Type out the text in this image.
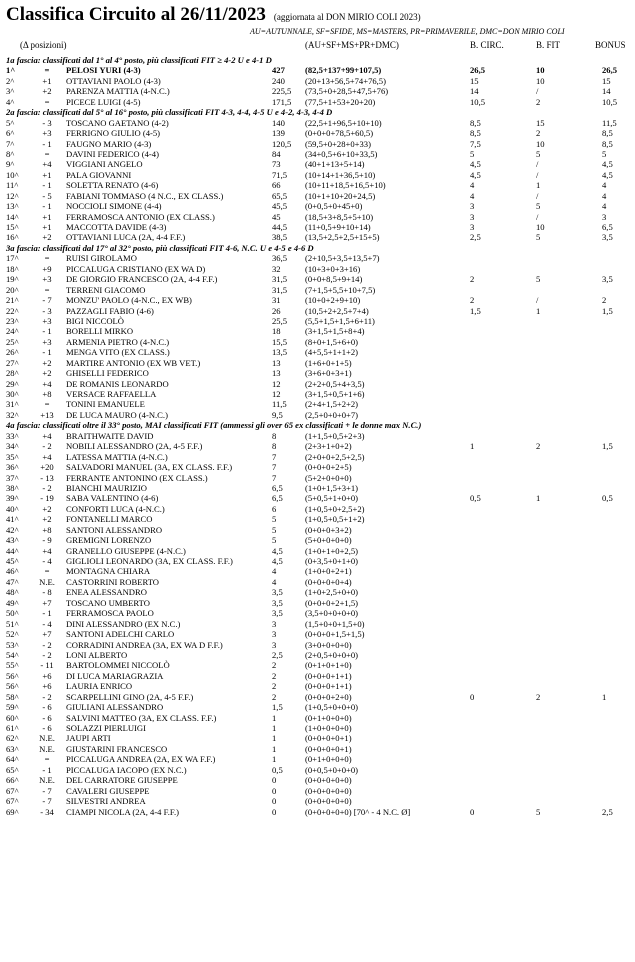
Classifica Circuito al 26/11/2023 (aggiornata al DON MIRIO COLI 2023)
AU=AUTUNNALE, SF=SFIDE, MS=MASTERS, PR=PRIMAVERILE, DMC=DON MIRIO COLI
(Δ posizioni)	(AU+SF+MS+PR+DMC)	B. CIRC.	B. FIT	BONUS
1a fascia: classificati dal 1° al 4° posto, più classificati FIT ≥ 4-2 U e 4-1 D
1^	=	PELOSI YURI (4-3)	427	(82,5+137+99+107,5)	26,5	10	26,5
2^	+1	OTTAVIANI PAOLO (4-3)	240	(20+13+56,5+74+76,5)	15	10	15
3^	+2	PARENZA MATTIA (4-N.C.)	225,5	(73,5+0+28,5+47,5+76)	14	/	14
4^	=	PICECE LUIGI (4-5)	171,5	(77,5+1+53+20+20)	10,5	2	10,5
2a fascia: classificati dal 5° al 16° posto, più classificati FIT 4-3, 4-4, 4-5 U e 4-2, 4-3, 4-4 D
5^	- 3	TOSCANO GAETANO (4-2)	140	(22,5+1+96,5+10+10)	8,5	15	11,5
6^	+3	FERRIGNO GIULIO (4-5)	139	(0+0+0+78,5+60,5)	8,5	2	8,5
7^	- 1	FAUGNO MARIO (4-3)	120,5	(59,5+0+28+0+33)	7,5	10	8,5
8^	=	DAVINI FEDERICO (4-4)	84	(34+0,5+6+10+33,5)	5	5	5
9^	+4	VIGGIANI ANGELO	73	(40+1+13+5+14)	4,5	/	4,5
10^	+1	PALA GIOVANNI	71,5	(10+14+1+36,5+10)	4,5	/	4,5
11^	- 1	SOLETTA RENATO (4-6)	66	(10+11+18,5+16,5+10)	4	1	4
12^	- 5	FABIANI TOMMASO (4 N.C., EX CLASS.)	65,5	(10+1+10+20+24,5)	4	/	4
13^	- 1	NOCCIOLI SIMONE (4-4)	45,5	(0+0,5+0+45+0)	3	5	4
14^	+1	FERRAMOSCA ANTONIO (EX CLASS.)	45	(18,5+3+8,5+5+10)	3	/	3
15^	+1	MACCOTTA DAVIDE (4-3)	44,5	(11+0,5+9+10+14)	3	10	6,5
16^	+2	OTTAVIANI LUCA (2A, 4-4 F.F.)	38,5	(13,5+2,5+2,5+15+5)	2,5	5	3,5
3a fascia: classificati dal 17° al 32° posto, più classificati FIT 4-6, N.C. U e 4-5 e 4-6 D
17^	=	RUISI GIROLAMO	36,5	(2+10,5+3,5+13,5+7)
18^	+9	PICCALUGA CRISTIANO (EX WA D)	32	(10+3+0+3+16)
19^	+3	DE GIORGIO FRANCESCO (2A, 4-4 F.F.)	31,5	(0+0+8,5+9+14)	2	5	3,5
20^	=	TERRENI GIACOMO	31,5	(7+1,5+5,5+10+7,5)
21^	- 7	MONZU' PAOLO (4-N.C., EX WB)	31	(10+0+2+9+10)	2	/	2
22^	- 3	PAZZAGLI FABIO (4-6)	26	(10,5+2+2,5+7+4)	1,5	1	1,5
23^	+3	BIGI NICCOLÒ	25,5	(5,5+1,5+1,5+6+11)
24^	- 1	BORELLI MIRKO	18	(3+1,5+1,5+8+4)
25^	+3	ARMENIA PIETRO (4-N.C.)	15,5	(8+0+1,5+6+0)
26^	- 1	MENGA VITO (EX CLASS.)	13,5	(4+5,5+1+1+2)
27^	+2	MARTIRE ANTONIO (EX WB VET.)	13	(1+6+0+1+5)
28^	+2	GHISELLI FEDERICO	13	(3+6+0+3+1)
29^	+4	DE ROMANIS LEONARDO	12	(2+2+0,5+4+3,5)
30^	+8	VERSACE RAFFAELLA	12	(3+1,5+0,5+1+6)
31^	=	TONINI EMANUELE	11,5	(2+4+1,5+2+2)
32^	+13	DE LUCA MAURO (4-N.C.)	9,5	(2,5+0+0+0+7)
4a fascia: classificati oltre il 33° posto, MAI classificati FIT (ammessi gli over 65 ex classificati + le donne max N.C.)
33^	+4	BRAITHWAITE DAVID	8	(1+1,5+0,5+2+3)
34^	- 2	NOBILI ALESSANDRO (2A, 4-5 F.F.)	8	(2+3+1+0+2)	1	2	1,5
35^	+4	LATESSA MATTIA (4-N.C.)	7	(2+0+0+2,5+2,5)
36^	+20	SALVADORI MANUEL (3A, EX CLASS. F.F.)	7	(0+0+0+2+5)
37^	- 13	FERRANTE ANTONINO (EX CLASS.)	7	(5+2+0+0+0)
38^	- 2	BIANCHI MAURIZIO	6,5	(1+0+1,5+3+1)
39^	- 19	SABA VALENTINO (4-6)	6,5	(5+0,5+1+0+0)	0,5	1	0,5
40^	+2	CONFORTI LUCA (4-N.C.)	6	(1+0,5+0+2,5+2)
41^	+2	FONTANELLI MARCO	5	(1+0,5+0,5+1+2)
42^	+8	SANTONI ALESSANDRO	5	(0+0+0+3+2)
43^	- 9	GREMIGNI LORENZO	5	(5+0+0+0+0)
44^	+4	GRANELLO GIUSEPPE (4-N.C.)	4,5	(1+0+1+0+2,5)
45^	- 4	GIGLIOLI LEONARDO (3A, EX CLASS. F.F.)	4,5	(0+3,5+0+1+0)
46^	=	MONTAGNA CHIARA	4	(1+0+0+2+1)
47^	N.E.	CASTORRINI ROBERTO	4	(0+0+0+0+4)
48^	- 8	ENEA ALESSANDRO	3,5	(1+0+2,5+0+0)
49^	+7	TOSCANO UMBERTO	3,5	(0+0+0+2+1,5)
50^	- 1	FERRAMOSCA PAOLO	3,5	(3,5+0+0+0+0)
51^	- 4	DINI ALESSANDRO (EX N.C.)	3	(1,5+0+0+1,5+0)
52^	+7	SANTONI ADELCHI CARLO	3	(0+0+0+1,5+1,5)
53^	- 2	CORRADINI ANDREA (3A, EX WA D F.F.)	3	(3+0+0+0+0)
54^	- 2	LONI ALBERTO	2,5	(2+0,5+0+0+0)
55^	- 11	BARTOLOMMEI NICCOLÒ	2	(0+1+0+1+0)
56^	+6	DI LUCA MARIAGRAZIA	2	(0+0+0+1+1)
56^	+6	LAURIA ENRICO	2	(0+0+0+1+1)
58^	- 2	SCARPELLINI GINO (2A, 4-5 F.F.)	2	(0+0+0+2+0)	0	2	1
59^	- 6	GIULIANI ALESSANDRO	1,5	(1+0,5+0+0+0)
60^	- 6	SALVINI MATTEO (3A, EX CLASS. F.F.)	1	(0+1+0+0+0)
61^	- 6	SOLAZZI PIERLUIGI	1	(1+0+0+0+0)
62^	N.E.	JAUPI ARTI	1	(0+0+0+0+1)
63^	N.E.	GIUSTARINI FRANCESCO	1	(0+0+0+0+1)
64^	=	PICCALUGA ANDREA (2A, EX WA F.F.)	1	(0+1+0+0+0)
65^	- 1	PICCALUGA IACOPO (EX N.C.)	0,5	(0+0,5+0+0+0)
66^	N.E.	DEL CARRATORE GIUSEPPE	0	(0+0+0+0+0)
67^	- 7	CAVALERI GIUSEPPE	0	(0+0+0+0+0)
67^	- 7	SILVESTRI ANDREA	0	(0+0+0+0+0)
69^	- 34	CIAMPI NICOLA (2A, 4-4 F.F.)	0	(0+0+0+0+0) [70^ - 4 N.C. Ø]	0	5	2,5
